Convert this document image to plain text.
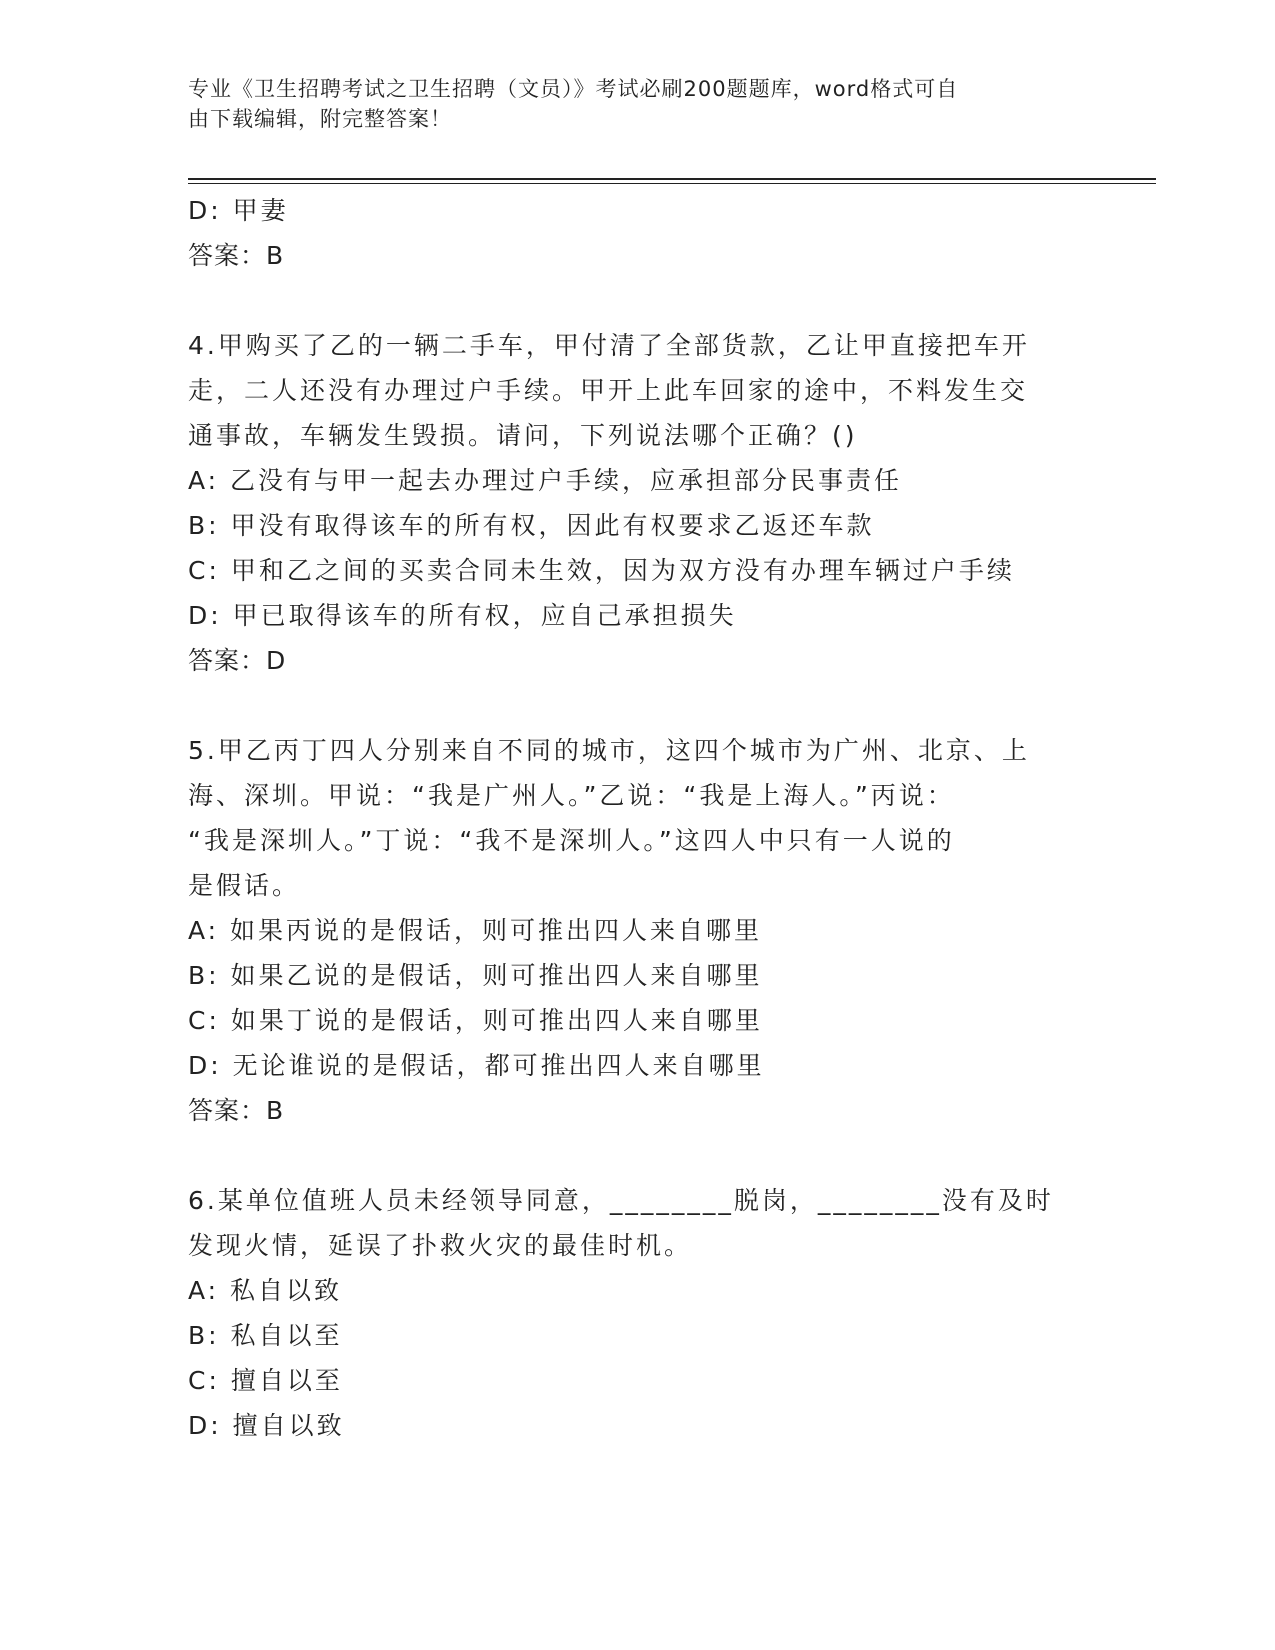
专业《卫生招聘考试之卫生招聘（文员）》考试必刷200题题库，word格式可自
由下载编辑，附完整答案！
D: 甲妻
答案：B
4.甲购买了乙的一辆二手车，甲付清了全部货款，乙让甲直接把车开
走，二人还没有办理过户手续。甲开上此车回家的途中，不料发生交
通事故，车辆发生毁损。请问，下列说法哪个正确？()
A: 乙没有与甲一起去办理过户手续，应承担部分民事责任
B: 甲没有取得该车的所有权，因此有权要求乙返还车款
C: 甲和乙之间的买卖合同未生效，因为双方没有办理车辆过户手续
D: 甲已取得该车的所有权，应自己承担损失
答案：D
5.甲乙丙丁四人分别来自不同的城市，这四个城市为广州、北京、上
海、深圳。甲说：“我是广州人。”乙说：“我是上海人。”丙说：
“我是深圳人。”丁说：“我不是深圳人。”这四人中只有一人说的
是假话。
A: 如果丙说的是假话，则可推出四人来自哪里
B: 如果乙说的是假话，则可推出四人来自哪里
C: 如果丁说的是假话，则可推出四人来自哪里
D: 无论谁说的是假话，都可推出四人来自哪里
答案：B
6.某单位值班人员未经领导同意，________脱岗，________没有及时
发现火情，延误了扑救火灾的最佳时机。
A: 私自以致
B: 私自以至
C: 擅自以至
D: 擅自以致
